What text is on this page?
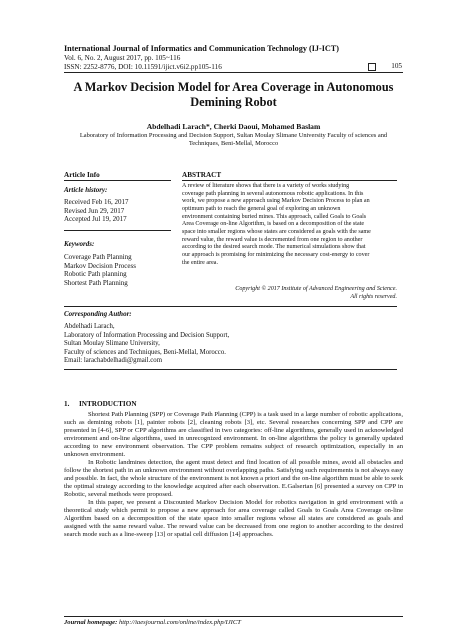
International Journal of Informatics and Communication Technology (IJ-ICT)
Vol. 6, No. 2, August 2017, pp. 105~116
ISSN: 2252-8776, DOI: 10.11591/ijict.v6i2.pp105-116	105
A Markov Decision Model for Area Coverage in Autonomous
Demining Robot
Abdelhadi Larach*, Cherki Daoui, Mohamed Baslam
Laboratory of Information Processing and Decision Support, Sultan Moulay Slimane University Faculty of sciences and
Techniques, Beni-Mellal, Morocco
Article Info	ABSTRACT
Article history:
Received Feb 16, 2017
Revised Jun 29, 2017
Accepted Jul 19, 2017
Keywords:
Coverage Path Planning
Markov Decision Process
Robotic Path planning
Shortest Path Planning
A review of literature shows that there is a variety of works studying
coverage path planning in several autonomous robotic applications. In this
work, we propose a new approach using Markov Decision Process to plan an
optimum path to reach the general goal of exploring an unknown
environment containing buried mines. This approach, called Goals to Goals
Area Coverage on-line Algorithm, is based on a decomposition of the state
space into smaller regions whose states are considered as goals with the same
reward value, the reward value is decremented from one region to another
according to the desired search mode. The numerical simulations show that
our approach is promising for minimizing the necessary cost-energy to cover
the entire area.
Copyright © 2017 Institute of Advanced Engineering and Science.
All rights reserved.
Corresponding Author:
Abdelhadi Larach,
Laboratory of Information Processing and Decision Support,
Sultan Moulay Slimane University,
Faculty of sciences and Techniques, Beni-Mellal, Morocco.
Email: larachabdelhadi@gmail.com
1. INTRODUCTION

Shortest Path Planning (SPP) or Coverage Path Planning (CPP) is a task used in a large number of robotic applications, such as demining robots [1], painter robots [2], cleaning robots [3], etc. Several researches concerning SPP and CPP are presented in [4-6], SPP or CPP algorithms are classified in two categories: off-line algorithms, generally used in acknowledged environment and on-line algorithms, used in unrecognized environment. In on-line algorithms the policy is generally updated according to new environment observation. The CPP problem remains subject of research optimization, especially in an unknown environment.

In Robotic landmines detection, the agent must detect and find location of all possible mines, avoid all obstacles and follow the shortest path in an unknown environment without overlapping paths. Satisfying such requirements is not always easy and possible. In fact, the whole structure of the environment is not known a priori and the on-line algorithm must be able to seek the optimal strategy according to the knowledge acquired after each observation. E.Galsertan [6] presented a survey on CPP in Robotic, several methods were proposed.

In this paper, we present a Discounted Markov Decision Model for robotics navigation in grid environment with a theoretical study which permit to propose a new approach for area coverage called Goals to Goals Area Coverage on-line Algorithm based on a decomposition of the state space into smaller regions whose all states are considered as goals and assigned with the same reward value. The reward value can be decreased from one region to another according to the desired search mode such as a line-sweep [13] or spatial cell diffusion [14] approaches.

Journal homepage: http://iaesjournal.com/online/index.php/IJICT
